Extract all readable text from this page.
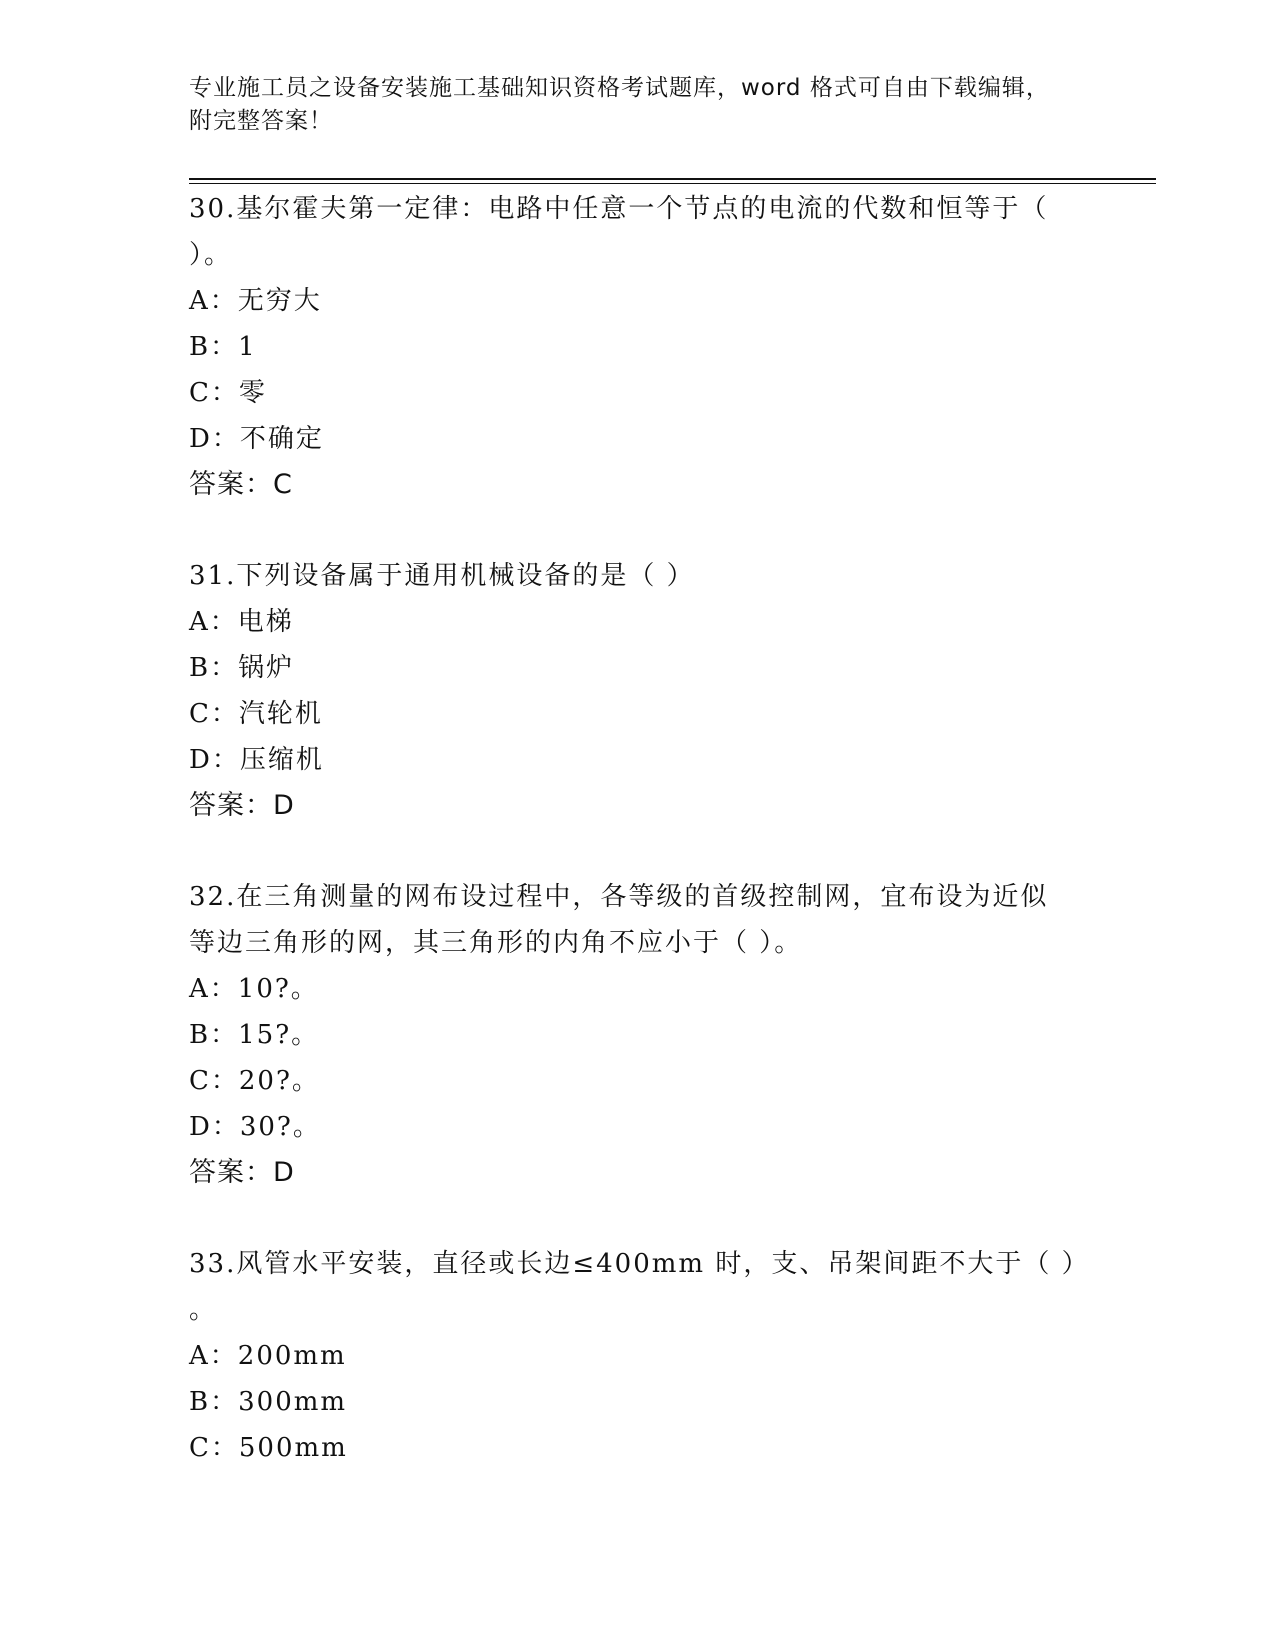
专业施工员之设备安装施工基础知识资格考试题库，word 格式可自由下载编辑，
附完整答案！
30.基尔霍夫第一定律：电路中任意一个节点的电流的代数和恒等于（
）。
A：无穷大
B：1
C：零
D：不确定
答案：C
31.下列设备属于通用机械设备的是（ ）
A：电梯
B：锅炉
C：汽轮机
D：压缩机
答案：D
32.在三角测量的网布设过程中，各等级的首级控制网，宜布设为近似
等边三角形的网，其三角形的内角不应小于（ ）。
A：10?。
B：15?。
C：20?。
D：30?。
答案：D
33.风管水平安装，直径或长边≤400mm 时，支、吊架间距不大于（ ）
。
A：200mm
B：300mm
C：500mm
